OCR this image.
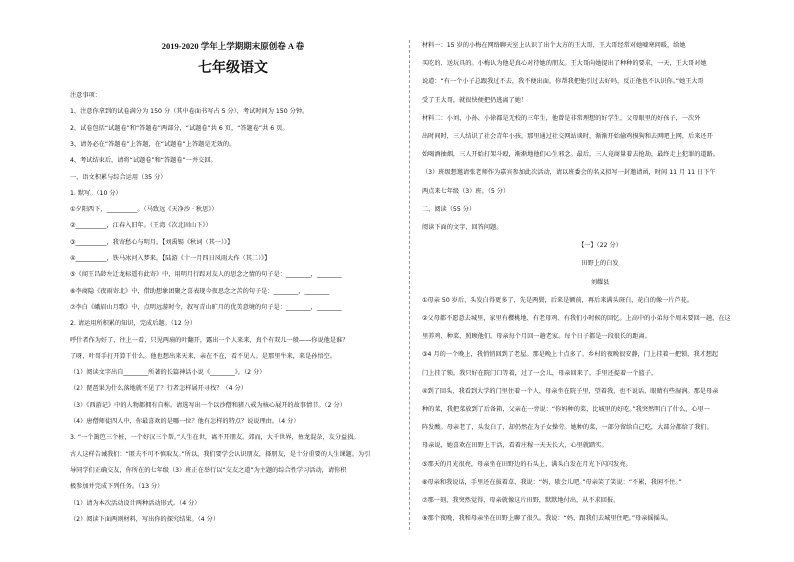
2019-2020 学年上学期期末原创卷 A 卷
七年级语文
注意事项：
1、注意你拿到的试卷满分为 150 分（其中卷面书写占 5 分），考试时间为 150 分钟。
2、试卷包括“试题卷”和“答题卷”两部分，“试题卷”共 6 页，“答题卷”共 6 页。
3、请务必在“答题卷”上答题，在“试题卷”上答题是无效的。
4、考试结束后，请将“试题卷”和“答题卷”一并交回。
一、语文积累与综合运用（35 分）
1. 默写。（10 分）
①夕阳西下，__________。（马致远《天净沙 · 秋思》）
②__________，江春入旧年。（王湾《次北固山下》）
③__________，我寄愁心与明月。【刘禹锡《秋词（其一）》】
④__________，铁马冰河入梦来。【陆游《十一月四日风雨大作（其二）》】
⑤《闻王昌龄左迁龙标遥有此寄》中，用明月行踪对友人的思念之情的句子是：________，________
⑥李商隐《夜雨寄北》中，借助想象团聚之喜表现今夜思念之苦的句子是：________，________
⑦李白《峨眉山月歌》中，点明远游时令，叙写青山旷月的优美意境的句子是：________，________
2. 请运用所积累的知识，完成后题。（12 分）
呼什者作为好了，往上一看，只见两扇的叶翻开，露出一个人来来，真个有双儿一般——你说他是谁？
了呀，叶哥手打开算干什么。他也想出来天来，亲在不在，看不见人。是那里牛来，来是孙悟空。
（1）阅读文字出自________所著的长篇神话小说《________》。（2 分）
（2）琵琶果为什么落地就不见了？行者怎样展开寻找？（4 分）
（3）《西游记》中的人物都拥有自称。请选写出一个以沙僧和猪八戒为核心展开的故事情节。（2 分）
（4）唐僧师徒四人中，你最喜欢的是哪一位？他有怎样的特点？说说理由。（4 分）
3. “一个篱笆三个桩，一个好汉三个帮。”人生在世，离不开朋友。郊而，大千世界，鱼龙混杂，友分益损。
古人这样告诫我们：“匿夫不可不慎取友。”所以，我们要学会认识朋友，择朋友，是十分重要的人生课题。为引
导同学们正确交友，你所在的七年级（3）班正在举行以“交友之道”为主题的综合性学习活动，请你积
极参加并完成下列任务。（13 分）
（1）请为本次活动设计两种活动形式。（4 分）
（2）阅读下面两则材料，写出你的探究结果。（4 分）
材料一：15 岁的小梅在网络聊天室上认识了出个大方的王大哥，王大哥经常对她嘘寒问暖，给她
买吃的、送玩具的。小梅认为他是真心对待她的朋友。王大哥向她提出了种种的要求，一天，王大哥对她
说道：“有一个小子总跟我过不去，我不便出面，你帮我把他引过去好吗，反正他也不认识你。”她王大哥
受了王大哥，就很快便把仍逃离了她！
材料二：小刘、小孙、小徐都是无校的三年生，他曾是非常理想的好学生，父母眼里的好孩子，一次外
出时间时，三人结识了社会青年小孩，那里通过社交网站谈时，渐渐开始偷鸡摸狗和去网吧上网，后来还开
始喝酒抽烟，三人开始打架斗殴，渐渐地他们心生邪念。最后，三人竟商量着去抢劫，最终走上犯罪的道路。
（3）班级想邀请张老师作为嘉宾参加此次活动，请以班委会的名义拟写一封邀请函，时间 11 月 11 日下午
两点来七年级（3）班。（5 分）
二、阅读（55 分）
阅读下面的文字，回答问题。
【一】（22 分）
田野上的白发
刘耀县
①母亲 50 岁后，头发白得更多了，先是两鬓，后来是额前，再后来满头斑白，花白的像一片芦花。
②父母都不愿意去城里，家里有樱桃地、有老母鸡、有我们小时候的回忆。上高中的小弟每个周末要回一趟，在这
里养鸡、种菜，照顾他们。母亲每个月回一趟老家。每个日子都是一段很长的距离。
③4 月的一个晚上，我悄悄回到了老屋。那是晚上十点多了，乡村的夜晚很安静，门上挂着一把锁，我才想起
门上挂了锁。我只好在院门口等着，过了一会儿，母亲回来了，手里还提着一个篮子。
④到了回头，我看到大学的门里住着一个人，母亲坐在院子里，望着我，也不说话，眼睛有些湿润。那是母亲
种的菜，我把菜放到了后备箱，父亲在一旁说：“你妈种的菜，比城里的好吃。”我突然明白了什么，心里一
阵发酸。母亲老了，头发白了，却仍然在为子女操劳。她种的菜，一部分留给自己吃，大部分都给了我们。
母亲说，她喜欢在田野上干活，看着庄稼一天天长大，心里就踏实。
⑤那天的月光很亮，母亲坐在田野边的石头上，满头白发在月光下闪闪发亮。
⑥母亲和我说话，手里还在拔着草，我说：“妈，歇会儿吧。”母亲笑了笑说：“不累，我闲不住。”
⑦那一刻，我突然觉得，母亲就像这片田野，默默地付出，从不求回报。
⑧那个夜晚，我和母亲坐在田野上聊了很久。我说：“妈，跟我们去城里住吧。”母亲摇摇头。
